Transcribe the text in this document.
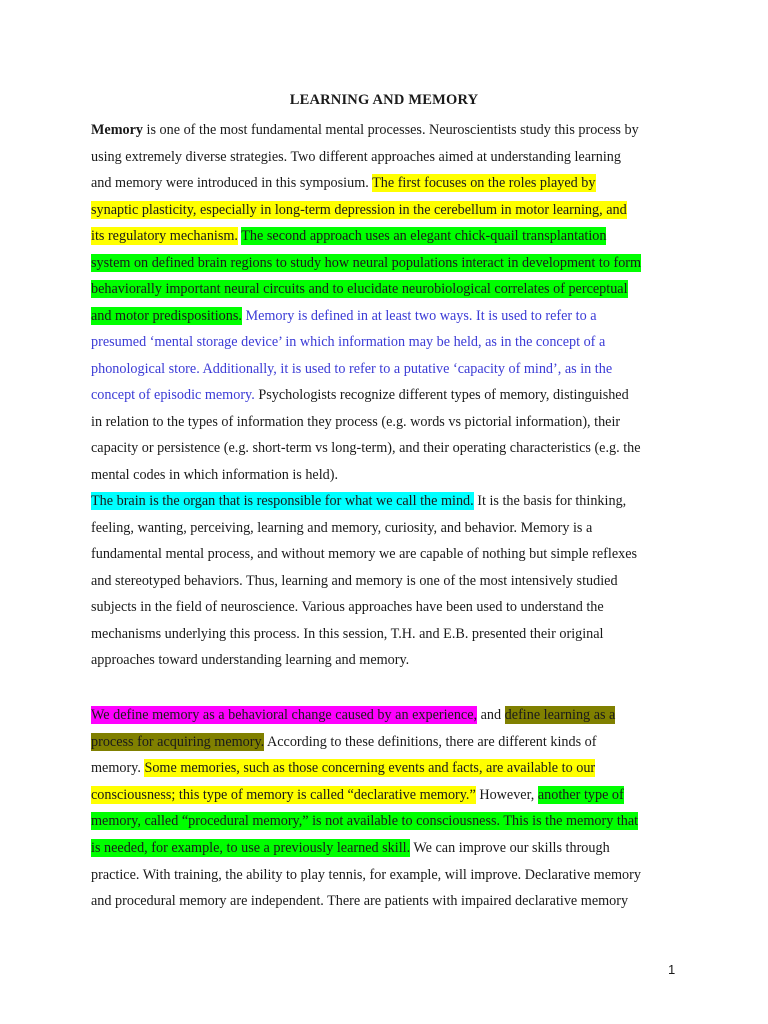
LEARNING AND MEMORY
Memory is one of the most fundamental mental processes. Neuroscientists study this process by
using extremely diverse strategies. Two different approaches aimed at understanding learning
and memory were introduced in this symposium. The first focuses on the roles played by
synaptic plasticity, especially in long-term depression in the cerebellum in motor learning, and
its regulatory mechanism. The second approach uses an elegant chick-quail transplantation
system on defined brain regions to study how neural populations interact in development to form
behaviorally important neural circuits and to elucidate neurobiological correlates of perceptual
and motor predispositions. Memory is defined in at least two ways. It is used to refer to a
presumed ‘mental storage device’ in which information may be held, as in the concept of a
phonological store. Additionally, it is used to refer to a putative ‘capacity of mind’, as in the
concept of episodic memory. Psychologists recognize different types of memory, distinguished
in relation to the types of information they process (e.g. words vs pictorial information), their
capacity or persistence (e.g. short-term vs long-term), and their operating characteristics (e.g. the
mental codes in which information is held).
The brain is the organ that is responsible for what we call the mind. It is the basis for thinking,
feeling, wanting, perceiving, learning and memory, curiosity, and behavior. Memory is a
fundamental mental process, and without memory we are capable of nothing but simple reflexes
and stereotyped behaviors. Thus, learning and memory is one of the most intensively studied
subjects in the field of neuroscience. Various approaches have been used to understand the
mechanisms underlying this process. In this session, T.H. and E.B. presented their original
approaches toward understanding learning and memory.
We define memory as a behavioral change caused by an experience, and define learning as a
process for acquiring memory. According to these definitions, there are different kinds of
memory. Some memories, such as those concerning events and facts, are available to our
consciousness; this type of memory is called “declarative memory.” However, another type of
memory, called “procedural memory,” is not available to consciousness. This is the memory that
is needed, for example, to use a previously learned skill. We can improve our skills through
practice. With training, the ability to play tennis, for example, will improve. Declarative memory
and procedural memory are independent. There are patients with impaired declarative memory
1
